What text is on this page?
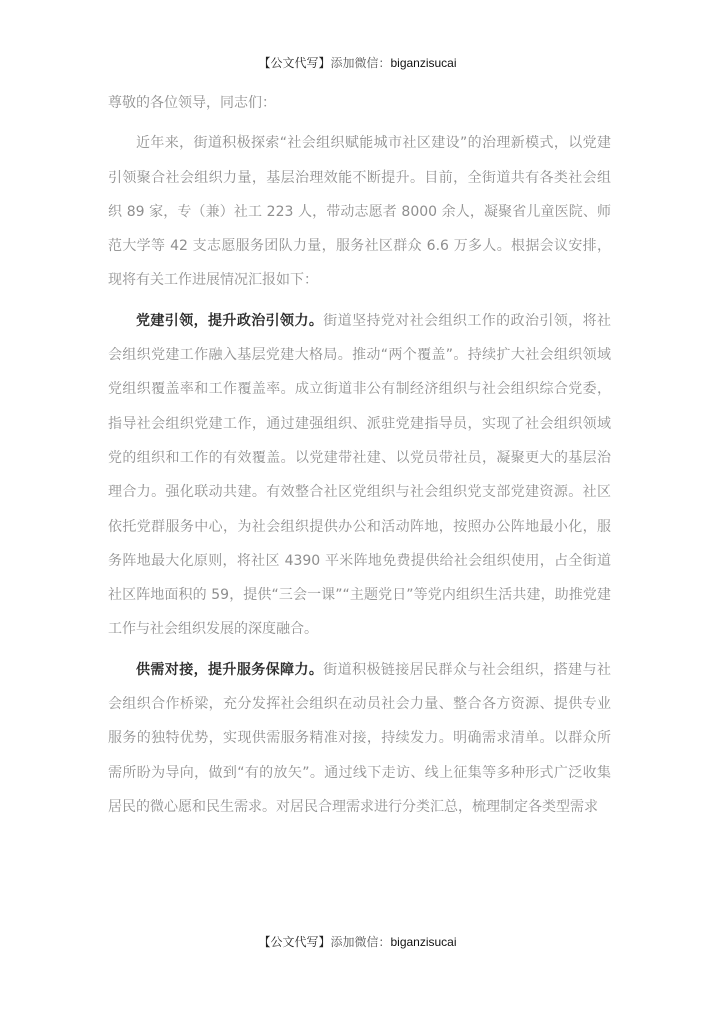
【公文代写】添加微信：biganzisucai

尊敬的各位领导，同志们：

近年来，街道积极探索“社会组织赋能城市社区建设”的治理新模式，以党建引领聚合社会组织力量，基层治理效能不断提升。目前，全街道共有各类社会组织 89 家，专（兼）社工 223 人，带动志愿者 8000 余人，凝聚省儿童医院、师范大学等 42 支志愿服务团队力量，服务社区群众 6.6 万多人。根据会议安排，现将有关工作进展情况汇报如下：

党建引领，提升政治引领力。街道坚持党对社会组织工作的政治引领，将社会组织党建工作融入基层党建大格局。推动“两个覆盖”。持续扩大社会组织领域党组织覆盖率和工作覆盖率。成立街道非公有制经济组织与社会组织综合党委，指导社会组织党建工作，通过建强组织、派驻党建指导员，实现了社会组织领域党的组织和工作的有效覆盖。以党建带社建、以党员带社员，凝聚更大的基层治理合力。强化联动共建。有效整合社区党组织与社会组织党支部党建资源。社区依托党群服务中心，为社会组织提供办公和活动阵地，按照办公阵地最小化，服务阵地最大化原则，将社区 4390 平米阵地免费提供给社会组织使用，占全街道社区阵地面积的 59，提供“三会一课”“主题党日”等党内组织生活共建，助推党建工作与社会组织发展的深度融合。

供需对接，提升服务保障力。街道积极链接居民群众与社会组织，搭建与社会组织合作桥梁，充分发挥社会组织在动员社会力量、整合各方资源、提供专业服务的独特优势，实现供需服务精准对接，持续发力。明确需求清单。以群众所需所盼为导向，做到“有的放矢”。通过线下走访、线上征集等多种形式广泛收集居民的微心愿和民生需求。对居民合理需求进行分类汇总，梳理制定各类型需求

【公文代写】添加微信：biganzisucai
